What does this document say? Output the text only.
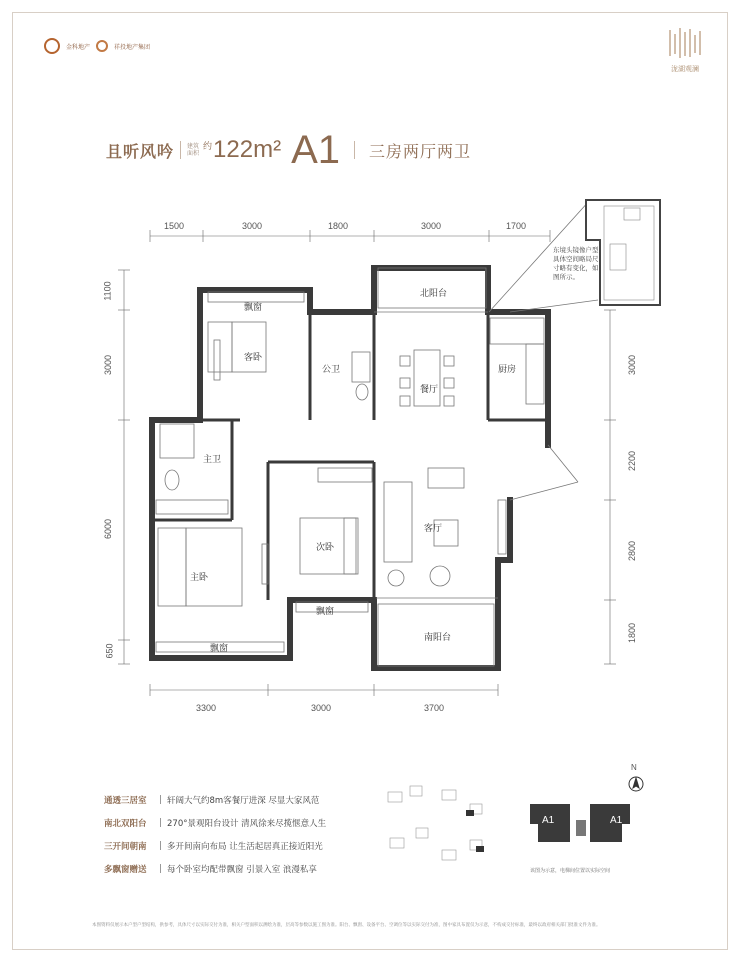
金科地产	祥投地产集团
泷湖观澜
且听风吟 建筑 面积
约 122m² A1 三房两厅两卫
1500	3000	1800	3000	1700
3300	3000	3700
1100
3000
6000
650
3000
2200
2800
1800
飘窗
客卧
公卫
北阳台
餐厅
厨房
主卫
主卧
次卧
客厅
飘窗
南阳台
飘窗
东境头镜像户型具体空间略局尺寸略有变化，如图所示。
通透三居室	轩阔大气约8m客餐厅进深 尽显大家风范
南北双阳台	270°景观阳台设计 清风徐来尽揽惬意人生
三开间朝南	多开间南向布局 让生活起居真正接近阳光
多飘窗赠送	每个卧室均配带飘窗 引景入室 浪漫私享
N
A1	A1
该图为示意，电梯间位置以实际空间
本图资料仅展示本户型户型结构，供参考，具体尺寸以实际交付为准，相关户型面积以测绘为准，层高等参数以施工图为准。阳台、飘窗、设备平台、空调位等以实际交付为准，图中家具布置仅为示意，不构成交付标准，最终以政府相关部门批准文件为准。
